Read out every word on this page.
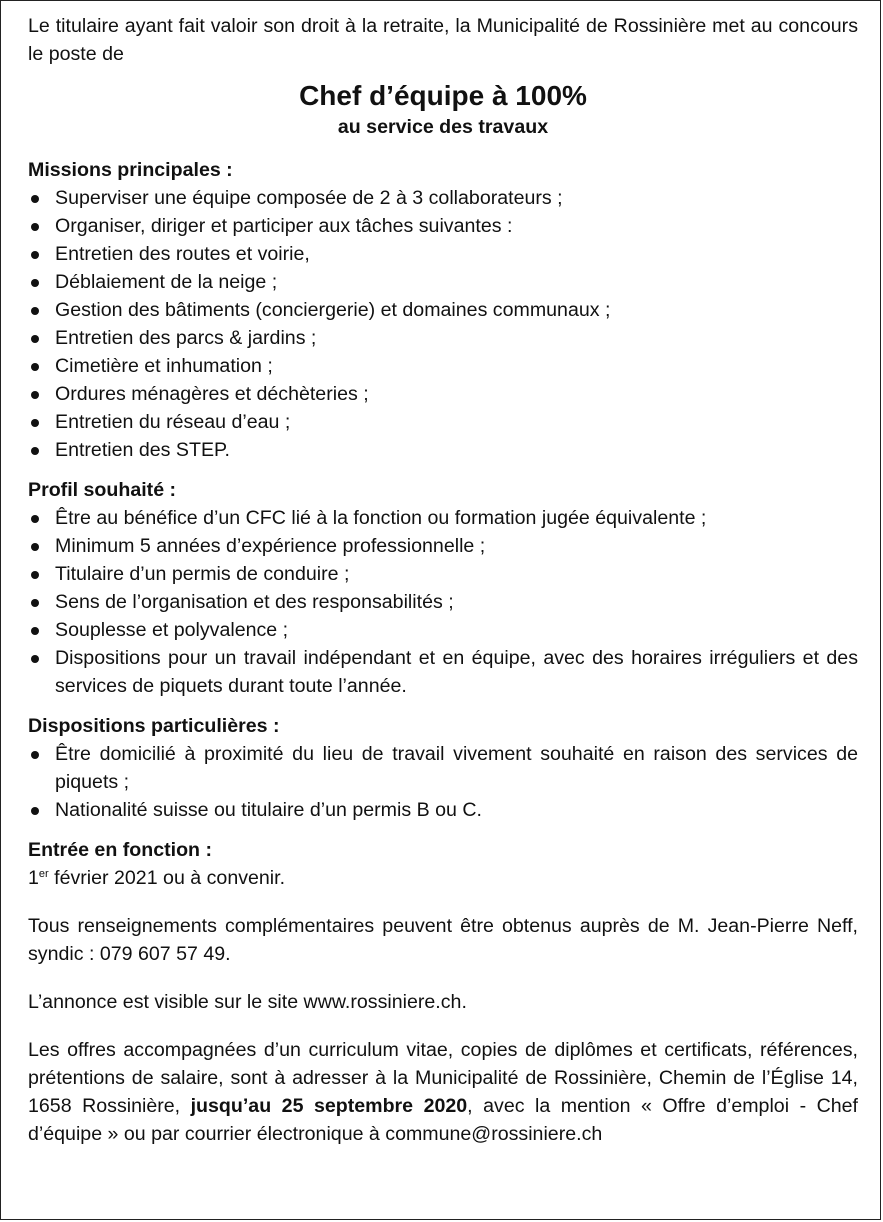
Le titulaire ayant fait valoir son droit à la retraite, la Municipalité de Rossinière met au concours le poste de

Chef d’équipe à 100%

au service des travaux

Missions principales :

Superviser une équipe composée de 2 à 3 collaborateurs ;
Organiser, diriger et participer aux tâches suivantes :
Entretien des routes et voirie,
Déblaiement de la neige ;
Gestion des bâtiments (conciergerie) et domaines communaux ;
Entretien des parcs & jardins ;
Cimetière et inhumation ;
Ordures ménagères et déchèteries ;
Entretien du réseau d’eau ;
Entretien des STEP.

Profil souhaité :

Être au bénéfice d’un CFC lié à la fonction ou formation jugée équivalente ;
Minimum 5 années d’expérience professionnelle ;
Titulaire d’un permis de conduire ;
Sens de l’organisation et des responsabilités ;
Souplesse et polyvalence ;
Dispositions pour un travail indépendant et en équipe, avec des horaires irréguliers et des services de piquets durant toute l’année.

Dispositions particulières :

Être domicilié à proximité du lieu de travail vivement souhaité en raison des services de piquets ;
Nationalité suisse ou titulaire d’un permis B ou C.

Entrée en fonction :

1er février 2021 ou à convenir.

Tous renseignements complémentaires peuvent être obtenus auprès de M. Jean-Pierre Neff, syndic : 079 607 57 49.

L’annonce est visible sur le site www.rossiniere.ch.

Les offres accompagnées d’un curriculum vitae, copies de diplômes et certificats, références, prétentions de salaire, sont à adresser à la Municipalité de Rossinière, Chemin de l’Église 14, 1658 Rossinière, jusqu’au 25 septembre 2020, avec la mention « Offre d’emploi - Chef d’équipe » ou par courrier électronique à commune@rossiniere.ch
